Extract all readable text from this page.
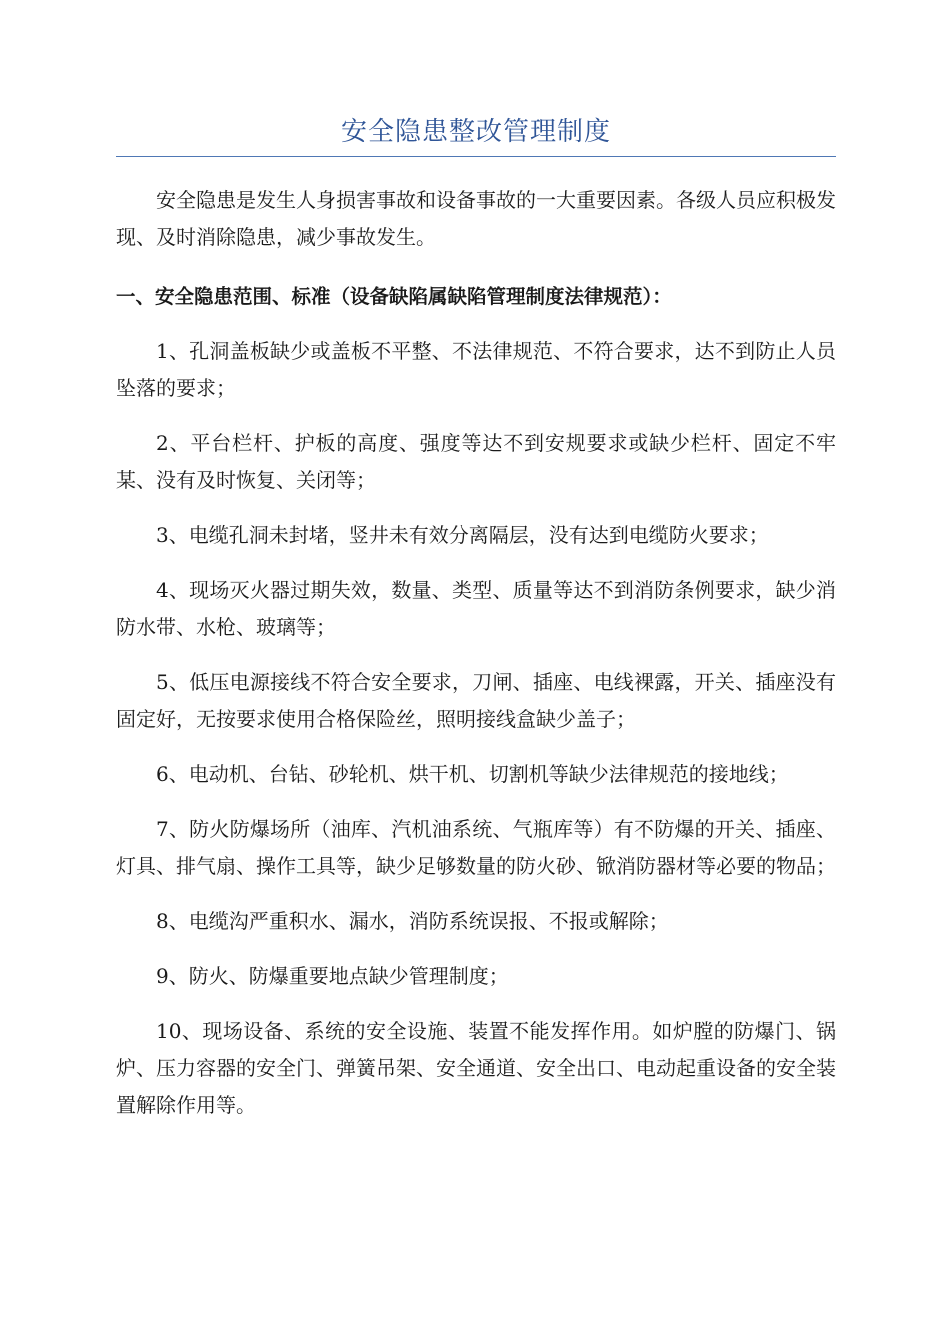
安全隐患整改管理制度

安全隐患是发生人身损害事故和设备事故的一大重要因素。各级人员应积极发现、及时消除隐患，减少事故发生。

一、安全隐患范围、标准（设备缺陷属缺陷管理制度法律规范）：

1、孔洞盖板缺少或盖板不平整、不法律规范、不符合要求，达不到防止人员坠落的要求；

2、平台栏杆、护板的高度、强度等达不到安规要求或缺少栏杆、固定不牢某、没有及时恢复、关闭等；

3、电缆孔洞未封堵，竖井未有效分离隔层，没有达到电缆防火要求；

4、现场灭火器过期失效，数量、类型、质量等达不到消防条例要求，缺少消防水带、水枪、玻璃等；

5、低压电源接线不符合安全要求，刀闸、插座、电线裸露，开关、插座没有固定好，无按要求使用合格保险丝，照明接线盒缺少盖子；

6、电动机、台钻、砂轮机、烘干机、切割机等缺少法律规范的接地线；

7、防火防爆场所（油库、汽机油系统、气瓶库等）有不防爆的开关、插座、灯具、排气扇、操作工具等，缺少足够数量的防火砂、锨消防器材等必要的物品；

8、电缆沟严重积水、漏水，消防系统误报、不报或解除；

9、防火、防爆重要地点缺少管理制度；

10、现场设备、系统的安全设施、装置不能发挥作用。如炉膛的防爆门、锅炉、压力容器的安全门、弹簧吊架、安全通道、安全出口、电动起重设备的安全装置解除作用等。
